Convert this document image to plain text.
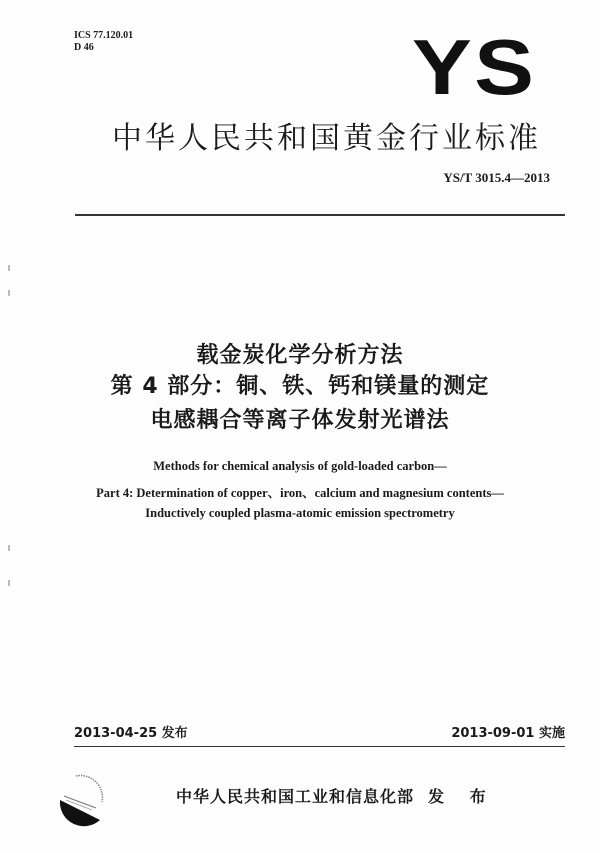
ICS 77.120.01
D 46	YS
中华人民共和国黄金行业标准
YS/T 3015.4—2013
载金炭化学分析方法
第 4 部分：铜、铁、钙和镁量的测定
电感耦合等离子体发射光谱法
Methods for chemical analysis of gold-loaded carbon—
Part 4: Determination of copper、iron、calcium and magnesium contents—
Inductively coupled plasma-atomic emission spectrometry
2013-04-25 发布	2013-09-01 实施
中华人民共和国工业和信息化部 发 布
